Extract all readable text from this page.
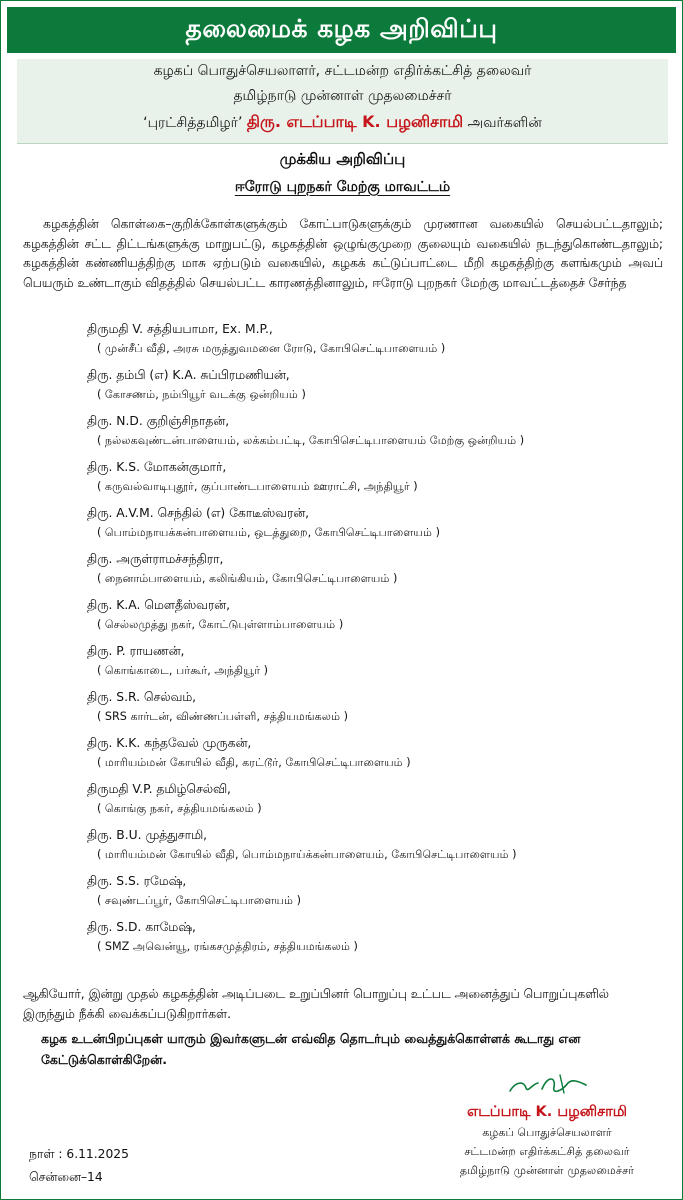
தலைமைக் கழக அறிவிப்பு
கழகப் பொதுச்செயலாளர், சட்டமன்ற எதிர்க்கட்சித் தலைவர்
தமிழ்நாடு முன்னாள் முதலமைச்சர்
‘புரட்சித்தமிழர்’ திரு. எடப்பாடி K. பழனிசாமி அவர்களின்
முக்கிய அறிவிப்பு
ஈரோடு புறநகர் மேற்கு மாவட்டம்
கழகத்தின் கொள்கை–குறிக்கோள்களுக்கும் கோட்பாடுகளுக்கும் முரணான வகையில் செயல்பட்டதாலும்; கழகத்தின் சட்ட திட்டங்களுக்கு மாறுபட்டு, கழகத்தின் ஒழுங்குமுறை குலையும் வகையில் நடந்துகொண்டதாலும்; கழகத்தின் கண்ணியத்திற்கு மாசு ஏற்படும் வகையில், கழகக் கட்டுப்பாட்டை மீறி கழகத்திற்கு களங்கமும் அவப் பெயரும் உண்டாகும் விதத்தில் செயல்பட்ட காரணத்தினாலும், ஈரோடு புறநகர் மேற்கு மாவட்டத்தைச் சேர்ந்த
திருமதி V. சத்தியபாமா, Ex. M.P.,
( முன்சீப் வீதி, அரசு மருத்துவமனை ரோடு, கோபிசெட்டிபாளையம் )
திரு. தம்பி (எ) K.A. சுப்பிரமணியன்,
( கோசணம், நம்பியூர் வடக்கு ஒன்றியம் )
திரு. N.D. குறிஞ்சிநாதன்,
( நல்லகவுண்டன்பாளையம், லக்கம்பட்டி, கோபிசெட்டிபாளையம் மேற்கு ஒன்றியம் )
திரு. K.S. மோகன்குமார்,
( கருவல்வாடிபுதூர், குப்பாண்டபாளையம் ஊராட்சி, அந்தியூர் )
திரு. A.V.M. செந்தில் (எ) கோடீஸ்வரன்,
( பொம்மநாயக்கன்பாளையம், ஒடத்துறை, கோபிசெட்டிபாளையம் )
திரு. அருள்ராமச்சந்திரா,
( நைனாம்பாளையம், கலிங்கியம், கோபிசெட்டிபாளையம் )
திரு. K.A. மௌதீஸ்வரன்,
( செல்லமுத்து நகர், கோட்டுபுள்ளாம்பாளையம் )
திரு. P. ராயணன்,
( கொங்காடை, பர்கூர், அந்தியூர் )
திரு. S.R. செல்வம்,
( SRS கார்டன், விண்ணப்பள்ளி, சத்தியமங்கலம் )
திரு. K.K. கந்தவேல் முருகன்,
( மாரியம்மன் கோயில் வீதி, கரட்டூர், கோபிசெட்டிபாளையம் )
திருமதி V.P. தமிழ்செல்வி,
( கொங்கு நகர், சத்தியமங்கலம் )
திரு. B.U. முத்துசாமி,
( மாரியம்மன் கோயில் வீதி, பொம்மநாய்க்கன்பாளையம், கோபிசெட்டிபாளையம் )
திரு. S.S. ரமேஷ்,
( சவுண்டப்பூர், கோபிசெட்டிபாளையம் )
திரு. S.D. காமேஷ்,
( SMZ அவென்யூ, ரங்கசமுத்திரம், சத்தியமங்கலம் )
ஆகியோர், இன்று முதல் கழகத்தின் அடிப்படை உறுப்பினர் பொறுப்பு உட்பட அனைத்துப் பொறுப்புகளில் இருந்தும் நீக்கி வைக்கப்படுகிறார்கள்.
கழக உடன்பிறப்புகள் யாரும் இவர்களுடன் எவ்வித தொடர்பும் வைத்துக்கொள்ளக் கூடாது என கேட்டுக்கொள்கிறேன்.
எடப்பாடி K. பழனிசாமி
கழகப் பொதுச்செயலாளர்
சட்டமன்ற எதிர்க்கட்சித் தலைவர்
தமிழ்நாடு முன்னாள் முதலமைச்சர்
நாள் : 6.11.2025
சென்னை–14
